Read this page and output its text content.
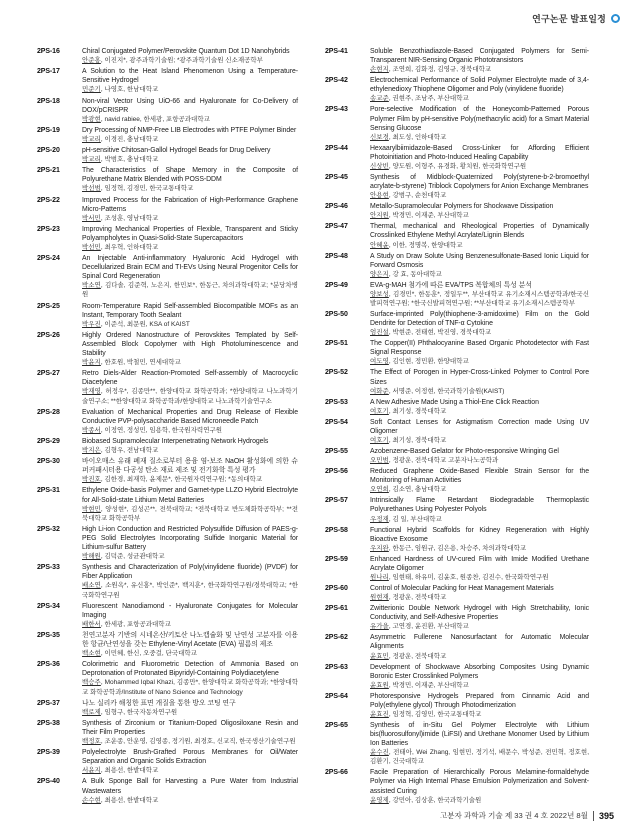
연구논문 발표일정
2PS-16	Chiral Conjugated Polymer/Perovskite Quantum Dot 1D Nanohybrids
안준홍, 이진지*, 광주과학기술원; *광주과학기술원 신소재공학부
2PS-17	A Solution to the Heat Island Phenomenon Using a Temperature-Sensitive Hydrogel
민준기, 나영호, 한남대학교
2PS-18	Non-viral Vector Using UiO-66 and Hyaluronate for Co-Delivery of DOX/pCRISPR
박광현, navid rabiee, 한세광, 포항공과대학교
2PS-19	Dry Processing of NMP-Free LIB Electrodes with PTFE Polymer Binder
박교리, 이경진, 충남대학교
2PS-20	pH-sensitive Chitosan-Gallol Hydrogel Beads for Drug Delivery
박교리, 박범호, 충남대학교
2PS-21	The Characteristics of Shape Memory in the Composite of Polyurethane Matrix Blended with POSS-DDM
박선범, 임정혁, 김경민, 한국교통대학교
2PS-22	Improved Process for the Fabrication of High-Performance Graphene Micro-Patterns
박서민, 조성훈, 영남대학교
2PS-23	Improving Mechanical Properties of Flexible, Transparent and Sticky Polyampholytes in Quasi-Solid-State Supercapacitors
박선민, 최우혁, 인하대학교
2PS-24	An Injectable Anti-inflammatory Hyaluronic Acid Hydrogel with Decellularized Brain ECM and TI-EVs Using Neural Progenitor Cells for Spinal Cord Regeneration
박소연, 김다솔, 김준혁, 노은지, 한민보*, 한동근, 차의과학대학교; *분당차병원
2PS-25	Room-Temperature Rapid Self-assembled Biocompatible MOFs as an Instant, Temporary Tooth Sealant
박우진, 이준석, 최문원, KSA of KAIST
2PS-26	Highly Ordered Nanostructure of Perovskites Templated by Self-Assembled Block Copolymer with High Photoluminescence and Stability
박윤지, 한호원, 박철민, 연세대학교
2PS-27	Retro Diels-Alder Reaction-Promoted Self-assembly of Macrocyclic Diacetylene
박재영, 허정우*, 김종만**, 한양대학교 화학공학과; *한양대학교 나노과학기술연구소; **한양대학교 화학공학과/한양대학교 나노과학기술연구소
2PS-28	Evaluation of Mechanical Properties and Drug Release of Flexible Conductive PVP-polysaccharide Based Microneedle Patch
박종서, 이정연, 정성민, 임용학, 한국원자력연구원
2PS-29	Biobased Supramolecular Interpenetrating Network Hydrogels
박지은, 김형우, 전남대학교
2PS-30	바이오매스 유래 폐재 질소로부터 용융 염-보조 NaOH 활성화에 의한 슈퍼커패시터용 다공성 탄소 재료 제조 및 전기화학 특성 평가
박진호, 김한경, 최재학, 윤제문*, 한국원자력연구원; *동의대학교
2PS-31	Ethylene Oxide-basis Polymer and Garnet-type LLZO Hybrid Electrolyte for All-Solid-state Lithium Metal Batteries
박현민, 양성현*, 김성곤**, 전북대학교; *전북대학교 반도체화학공학부; **전북대학교 화학공학부
2PS-32	High Li-ion Conduction and Restricted Polysulfide Diffusion of PAES-g-PEG Solid Electrolytes Incorporating Sulfide Inorganic Material for Lithium-sulfur Battery
박해원, 김덕준, 성균관대학교
2PS-33	Synthesis and Characterization of Poly(vinylidene fluoride) (PVDF) for Fiber Application
배소연, 소원옥*, 유신홍*, 박인준*, 백지훈*, 한국화학연구원/경북대학교; *한국화학연구원
2PS-34	Fluorescent Nanodiamond - Hyaluronate Conjugates for Molecular Imaging
배한서, 한세광, 포항공과대학교
2PS-35	천연고분자 기반의 시네온산/키토산 나노캡슐화 및 난연성 고분자를 이용한 항균/난연성을 갖는 Ethylene-Vinyl Acetate (EVA) 필름의 제조
백소현, 이민혜, 한신, 오중걸, 단국대학교
2PS-36	Colorimetric and Fluorometric Detection of Ammonia Based on Deprotonation of Protonated Bipyridyl-Containing Polydiacetylene
백승주, Mohammed Iqbal Khazi, 김종만*, 한양대학교 화학공학과; *한양대학교 화학공학과/Institute of Nano Science and Technology
2PS-37	나노 실리카 해칭한 표면 개질을 통한 방오 코팅 연구
백로제, 임형구, 한국자동차연구원
2PS-38	Synthesis of Zirconium or Titanium-Doped Oligosiloxane Resin and Their Film Properties
백정호, 조운종, 안운영, 김영종, 정기원, 최경호, 신교직, 한국생산기술연구원
2PS-39	Polyelectrolyte Brush-Grafted Porous Membranes for Oil/Water Separation and Organic Solids Extraction
서윤지, 최용선, 한밭대학교
2PS-40	A Bulk Sponge Ball for Harvesting a Pure Water from Industrial Wastewaters
손수현, 최용선, 한밭대학교
2PS-41	Soluble Benzothiadiazole-Based Conjugated Polymers for Semi-Transparent NIR-Sensing Organic Phototransistors
손현지, 조연희, 김화정, 김영규, 경북대학교
2PS-42	Electrochemical Performance of Solid Polymer Electrolyte made of 3,4-ethylenedioxy Thiophene Oligomer and Poly (vinylidene fluoride)
송교준, 권현주, 조남주, 부산대학교
2PS-43	Pore-selective Modification of the Honeycomb-Patterned Porous Polymer Film by pH-sensitive Poly(methacrylic acid) for a Smart Material Sensing Glucose
신보경, 최도성, 인하대학교
2PS-44	Hexaarylbiimidazole-Based Cross-Linker for Affording Efficient Photoinitiation and Photo-Induced Healing Capability
신상빈, 양도원, 이형주, 유경화, 황치원, 한국화학연구원
2PS-45	Synthesis of Midblock-Quaternized Poly(styrene-b-2-bromoethyl acrylate-b-styrene) Triblock Copolymers for Anion Exchange Membranes
안용현, 강범구, 순천대학교
2PS-46	Metallo-Supramolecular Polymers for Shockwave Dissipation
안지원, 박경민, 이재준, 부산대학교
2PS-47	Thermal, mechanical and Rheological Properties of Dynamically Crosslinked Ethylene Methyl Acrylate/Lignin Blends
안혜윤, 이한, 정명복, 한양대학교
2PS-48	A Study on Draw Solute Using Benzenesulfonate-Based Ionic Liquid for Forward Osmosis
양은지, 강 효, 동아대학교
2PS-49	EVA-g-MAH 첨가에 따른 EVA/TPS 복합체의 특성 분석
양보성, 김경민*, 한동훈*, 정일두**, 부산대학교 유기소재시스템공학과/한국신발피혁연구원; *한국신발피혁연구원; **부산대학교 유기소재시스템공학부
2PS-50	Surface-imprinted Poly(thiophene-3-amidoxime) Film on the Gold Dendrite for Detection of TNF-α Cytokine
엄진설, 박현준, 전태현, 박진영, 경북대학교
2PS-51	The Copper(II) Phthalocyanine Based Organic Photodetector with Fast Signal Response
여도영, 김인현, 정민환, 한양대학교
2PS-52	The Effect of Porogen in Hyper-Cross-Linked Polymer to Control Pore Sizes
여화준, 서명준, 이정현, 한국과학기술원(KAIST)
2PS-53	A New Adhesive Made Using a Thiol-Ene Click Reaction
여호기, 최기성, 경북대학교
2PS-54	Soft Contact Lenses for Astigmatism Correction made Using UV Oligomer
여호기, 최기성, 경북대학교
2PS-55	Azobenzene-Based Gelator for Photo-responsive Wringing Gel
오민범, 정광운, 전북대학교 고분자나노공학과
2PS-56	Reduced Graphene Oxide-Based Flexible Strain Sensor for the Monitoring of Human Activities
오연희, 김소연, 충남대학교
2PS-57	Intrinsically Flame Retardant Biodegradable Thermoplastic Polyurethanes Using Polyester Polyols
우정재, 김 일, 부산대학교
2PS-58	Functional Hybrid Scaffolds for Kidney Regeneration with Highly Bioactive Exosome
우지완, 한동근, 임원규, 김은용, 차승주, 차의과학대학교
2PS-59	Enhanced Hardness of UV-cured Film with Imide Modified Urethane Acrylate Oligomer
원나리, 임현태, 하유미, 김윤호, 원종찬, 김진수, 한국화학연구원
2PS-60	Control of Molecular Packing for Heat Management Materials
원현재, 정광운, 전북대학교
2PS-61	Zwitterionic Double Network Hydrogel with High Stretchability, Ionic Conductivity, and Self-Adhesive Properties
유가을, 고연경, 윤진환, 부산대학교
2PS-62	Asymmetric Fullerene Nanosurfactant for Automatic Molecular Alignments
윤효민, 정광운, 전북대학교
2PS-63	Development of Shockwave Absorbing Composites Using Dynamic Boronic Ester Crosslinked Polymers
윤효원, 박경민, 이재준, 부산대학교
2PS-64	Photoresponsive Hydrogels Prepared from Cinnamic Acid and Poly(ethylene glycol) Through Photodimerization
윤효진, 임정혁, 김영민, 한국교통대학교
2PS-65	Synthesis of in-Situ Gel Polymer Electrolyte with Lithium bis(fluorosulfonyl)imide (LiFSI) and Urethane Monomer Used by Lithium Ion Batteries
윤수진, 전태아, Wei Zhang, 임현민, 정기석, 배문수, 박성준, 전민혁, 정호현, 김환기, 건국대학교
2PS-66	Facile Preparation of Hierarchically Porous Melamine-formaldehyde Polymer via High Internal Phase Emulsion Polymerization and Solvent-assisted Curing
윤영제, 강민아, 김상훈, 한국과학기술원
고분자 과학과 기술 제 33 권 4 호 2022년 8월 395
